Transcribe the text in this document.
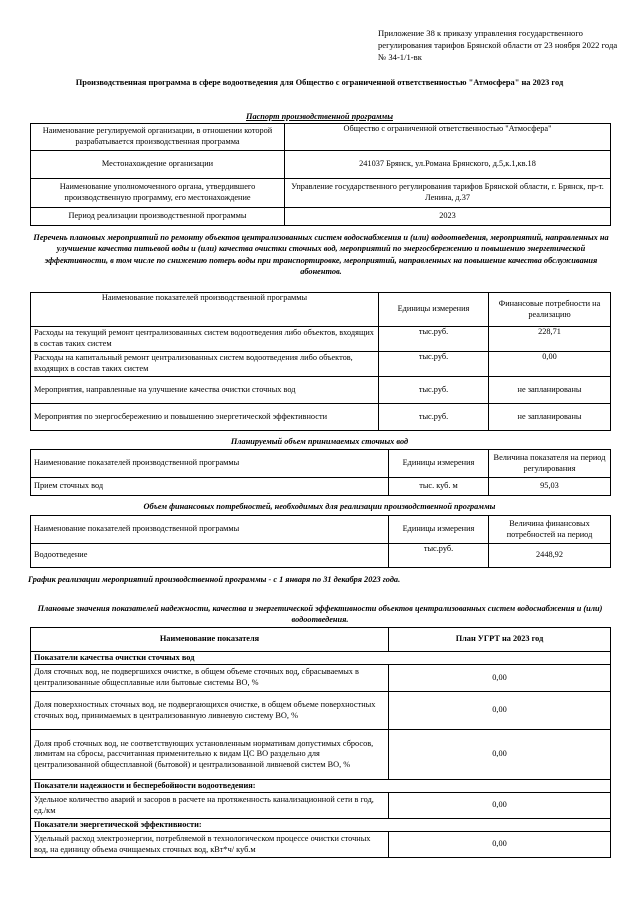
Приложение 38 к приказу управления государственного регулирования тарифов Брянской области от 23 ноября 2022 года № 34-1/1-вк
Производственная программа в сфере водоотведения для Общество с ограниченной ответственностью "Атмосфера" на 2023 год
Паспорт производственной программы
Наименование регулируемой организации, в отношении которой разрабатывается производственная программа	Общество с ограниченной ответственностью "Атмосфера"
Местонахождение организации	241037 Брянск, ул.Романа Брянского, д.5,к.1,кв.18
Наименование уполномоченного органа, утвердившего производственную программу, его местонахождение	Управление государственного регулирования тарифов Брянской области, г. Брянск, пр-т. Ленина, д.37
Период реализации производственной программы	2023
Перечень плановых мероприятий по ремонту объектов централизованных систем водоснабжения и (или) водоотведения, мероприятий, направленных на улучшение качества питьевой воды и (или) качества очистки сточных вод, мероприятий по энергосбережению и повышению энергетической эффективности, в том числе по снижению потерь воды при транспортировке, мероприятий, направленных на повышение качества обслуживания абонентов.
Наименование показателей производственной программы	Единицы измерения	Финансовые потребности на реализацию
Расходы на текущий ремонт централизованных систем водоотведения либо объектов, входящих в состав таких систем	тыс.руб.	228,71
Расходы на капитальный ремонт централизованных систем водоотведения либо объектов, входящих в состав таких систем	тыс.руб.	0,00
Мероприятия, направленные на улучшение качества очистки сточных вод	тыс.руб.	не запланированы
Мероприятия по энергосбережению и повышению энергетической эффективности	тыс.руб.	не запланированы
Планируемый объем принимаемых сточных вод
Наименование показателей производственной программы	Единицы измерения	Величина показателя на период регулирования
Прием сточных вод	тыс. куб. м	95,03
Объем финансовых потребностей, необходимых для реализации производственной программы
Наименование показателей производственной программы	Единицы измерения	Величина финансовых потребностей на период
Водоотведение	тыс.руб.	2448,92
График реализации мероприятий производственной программы - с 1 января по 31 декабря 2023 года.
Плановые значения показателей надежности, качества и энергетической эффективности объектов централизованных систем водоснабжения и (или) водоотведения.
Наименование показателя	План УГРТ на 2023 год
Показатели качества очистки сточных вод	
Доля сточных вод, не подвергшихся очистке, в общем объеме сточных вод, сбрасываемых в централизованные общесплавные или бытовые системы ВО, %	0,00
Доля поверхностных сточных вод, не подвергающихся очистке, в общем объеме поверхностных сточных вод, принимаемых в централизованную ливневую систему ВО, %	0,00
Доля проб сточных вод, не соответствующих установленным нормативам допустимых сбросов, лимитам на сбросы, рассчитанная применительно к видам ЦС ВО раздельно для централизованной общесплавной (бытовой) и централизованной ливневой систем ВО, %	0,00
Показатели надежности и бесперебойности водоотведения:	
Удельное количество аварий и засоров в расчете на протяженность канализационной сети в год, ед./км	0,00
Показатели энергетической эффективности:	
Удельный расход электроэнергии, потребляемой в технологическом процессе очистки сточных вод, на единицу объема очищаемых сточных вод, кВт*ч/ куб.м	0,00
